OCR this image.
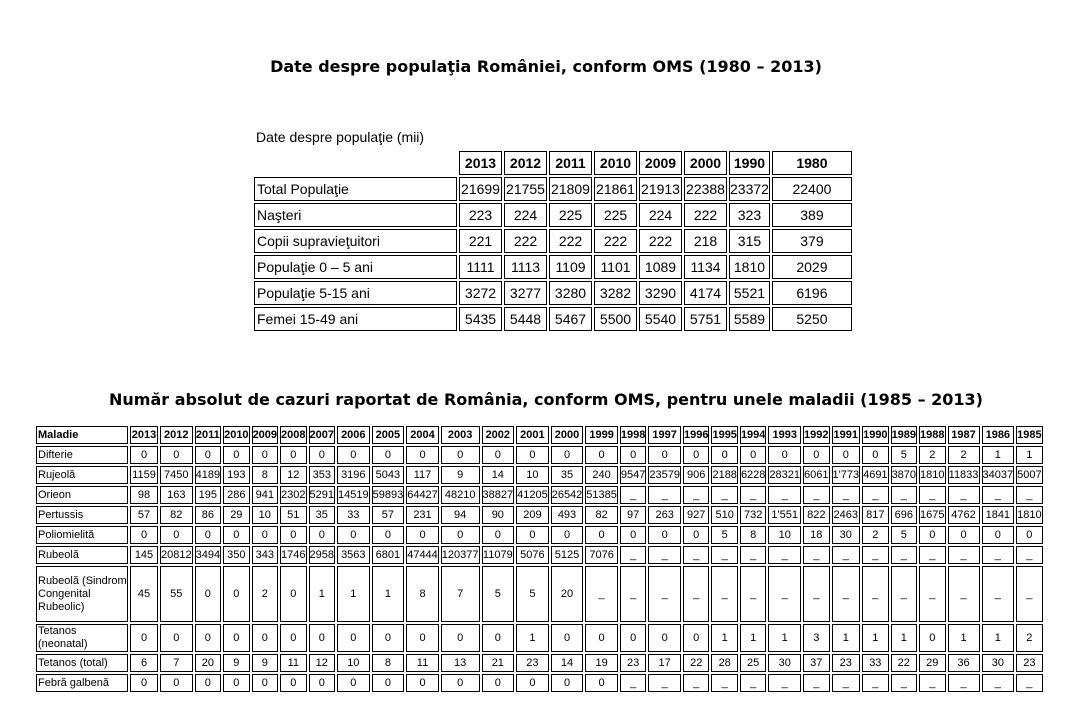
Date despre populaţia României, conform OMS (1980 – 2013)
Date despre populaţie (mii)
	2013	2012	2011	2010	2009	2000	1990	1980
Total Populaţie	21699	21755	21809	21861	21913	22388	23372	22400
Naşteri	223	224	225	225	224	222	323	389
Copii supravieţuitori	221	222	222	222	222	218	315	379
Populaţie 0 – 5 ani	1111	1113	1109	1101	1089	1134	1810	2029
Populaţie 5-15 ani	3272	3277	3280	3282	3290	4174	5521	6196
Femei 15-49 ani	5435	5448	5467	5500	5540	5751	5589	5250
Număr absolut de cazuri raportat de România, conform OMS, pentru unele maladii (1985 – 2013)
Maladie	2013	2012	2011	2010	2009	2008	2007	2006	2005	2004	2003	2002	2001	2000	1999	1998	1997	1996	1995	1994	1993	1992	1991	1990	1989	1988	1987	1986	1985
Difterie	0	0	0	0	0	0	0	0	0	0	0	0	0	0	0	0	0	0	0	0	0	0	0	0	5	2	2	1	1
Rujeolă	1159	7450	4189	193	8	12	353	3196	5043	117	9	14	10	35	240	9547	23579	906	2188	6228	28321	6061	1'773	4691	3870	1810	11833	34037	5007
Orieon	98	163	195	286	941	2302	5291	14519	59893	64427	48210	38827	41205	26542	51385	_	_	_	_	_	_	_	_	_	_	_	_	_	_
Pertussis	57	82	86	29	10	51	35	33	57	231	94	90	209	493	82	97	263	927	510	732	1'551	822	2463	817	696	1675	4762	1841	1810
Poliomielită	0	0	0	0	0	0	0	0	0	0	0	0	0	0	0	0	0	0	5	8	10	18	30	2	5	0	0	0	0
Rubeolă	145	20812	3494	350	343	1746	2958	3563	6801	47444	120377	11079	5076	5125	7076	_	_	_	_	_	_	_	_	_	_	_	_	_	_
Rubeolă (Sindrom Congenital Rubeolic)	45	55	0	0	2	0	1	1	1	8	7	5	5	20	_	_	_	_	_	_	_	_	_	_	_	_	_	_	_
Tetanos (neonatal)	0	0	0	0	0	0	0	0	0	0	0	0	1	0	0	0	0	0	1	1	1	3	1	1	1	0	1	1	2
Tetanos (total)	6	7	20	9	9	11	12	10	8	11	13	21	23	14	19	23	17	22	28	25	30	37	23	33	22	29	36	30	23
Febră galbenă	0	0	0	0	0	0	0	0	0	0	0	0	0	0	0	_	_	_	_	_	_	_	_	_	_	_	_	_	_
